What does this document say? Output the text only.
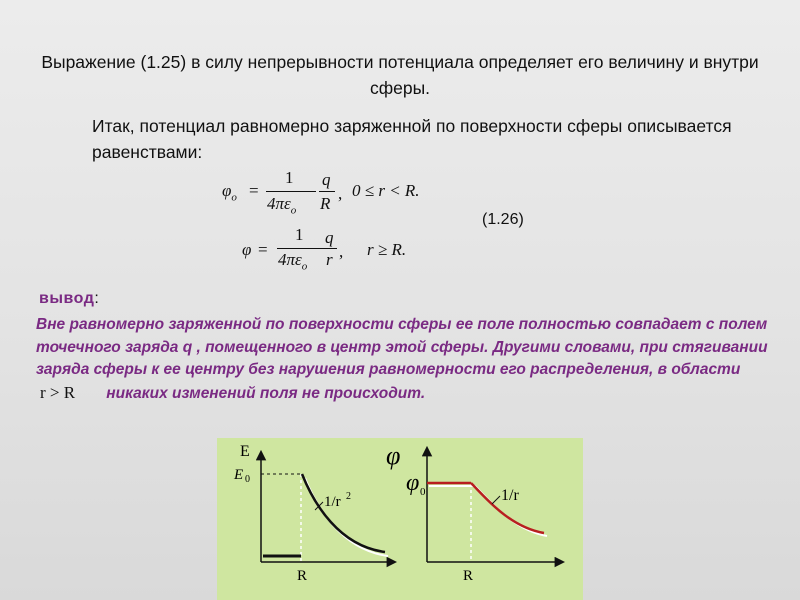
Выражение (1.25) в силу непрерывности потенциала определяет его величину и внутри сферы.
Итак, потенциал равномерно заряженной по поверхности сферы описывается равенствами:
$\varphi_o$ =
1
$4\pi\varepsilon_o$
q
R
, 0 ≤ r < R.
φ =
1
$4\pi\varepsilon_o$
q
r , r ≥ R.
(1.26)
вывод:
Вне равномерно заряженной по поверхности сферы ее поле полностью совпадает с полем точечного заряда q , помещенного в центр этой сферы. Другими словами, при стягивании заряда сферы к ее центру без нарушения равномерности его распределения, в области r > R никаких изменений поля не происходит.
E
E 0
1/r 2
R
φ
φ 0	1/r
R
